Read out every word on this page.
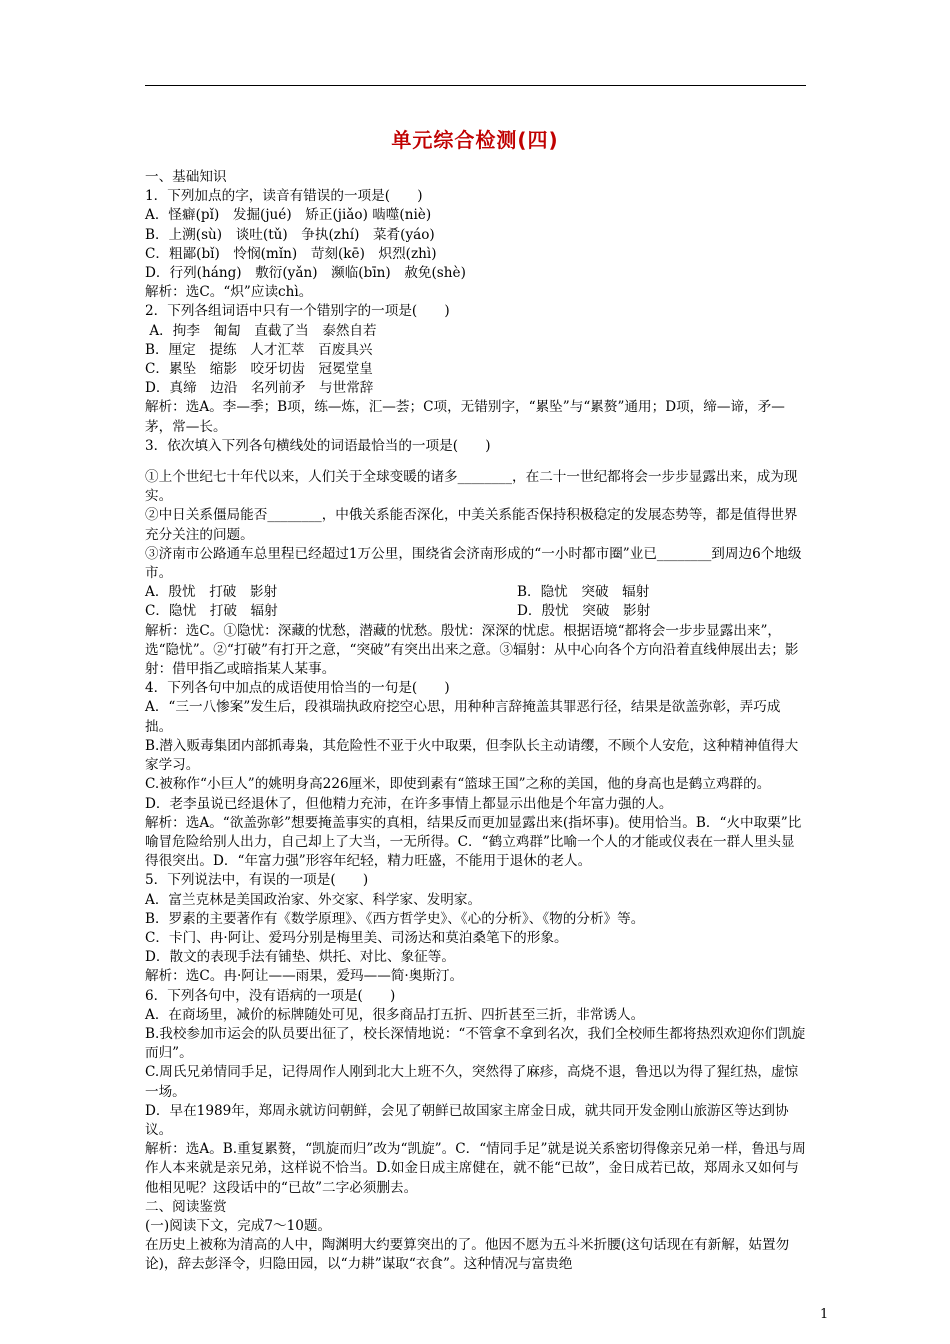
单元综合检测(四)

一、基础知识

1．下列加点的字，读音有错误的一项是(　　)

A．怪癖(pǐ)　发掘(jué)　矫正(jiǎo) 啮噬(niè)

B．上溯(sù)　谈吐(tǔ)　争执(zhí)　菜肴(yáo)

C．粗鄙(bǐ)　怜悯(mǐn)　苛刻(kē)　炽烈(zhì)

D．行列(háng)　敷衍(yǎn)　濒临(bīn)　赦免(shè)

解析：选C。“炽”应读chì。

2．下列各组词语中只有一个错别字的一项是(　　)

A．拘李　匍匐　直截了当　泰然自若

B．厘定　提练　人才汇萃　百废具兴

C．累坠　缩影　咬牙切齿　冠冕堂皇

D．真缔　边沿　名列前矛　与世常辞

解析：选A。李—季；B项，练—炼，汇—荟；C项，无错别字，“累坠”与“累赘”通用；D项，缔—谛，矛—茅，常—长。

3．依次填入下列各句横线处的词语最恰当的一项是(　　)

①上个世纪七十年代以来，人们关于全球变暖的诸多________，在二十一世纪都将会一步步显露出来，成为现实。

②中日关系僵局能否________，中俄关系能否深化，中美关系能否保持积极稳定的发展态势等，都是值得世界充分关注的问题。

③济南市公路通车总里程已经超过1万公里，围绕省会济南形成的“一小时都市圈”业已________到周边6个地级市。

A．殷忧　打破　影射	B．隐忧　突破　辐射
C．隐忧　打破　辐射	D．殷忧　突破　影射

解析：选C。①隐忧：深藏的忧愁，潜藏的忧愁。殷忧：深深的忧虑。根据语境“都将会一步步显露出来”，选“隐忧”。②“打破”有打开之意，“突破”有突出出来之意。③辐射：从中心向各个方向沿着直线伸展出去；影射：借甲指乙或暗指某人某事。

4．下列各句中加点的成语使用恰当的一句是(　　)

A．“三一八惨案”发生后，段祺瑞执政府挖空心思，用种种言辞掩盖其罪恶行径，结果是欲盖弥彰，弄巧成拙。

B.潜入贩毒集团内部抓毒枭，其危险性不亚于火中取栗，但李队长主动请缨，不顾个人安危，这种精神值得大家学习。

C.被称作“小巨人”的姚明身高226厘米，即使到素有“篮球王国”之称的美国，他的身高也是鹤立鸡群的。

D．老李虽说已经退休了，但他精力充沛，在许多事情上都显示出他是个年富力强的人。

解析：选A。“欲盖弥彰”想要掩盖事实的真相，结果反而更加显露出来(指坏事)。使用恰当。B．“火中取栗”比喻冒危险给别人出力，自己却上了大当，一无所得。C．“鹤立鸡群”比喻一个人的才能或仪表在一群人里头显得很突出。D．“年富力强”形容年纪轻，精力旺盛，不能用于退休的老人。

5．下列说法中，有误的一项是(　　)

A．富兰克林是美国政治家、外交家、科学家、发明家。

B．罗素的主要著作有《数学原理》、《西方哲学史》、《心的分析》、《物的分析》等。

C．卡门、冉·阿让、爱玛分别是梅里美、司汤达和莫泊桑笔下的形象。

D．散文的表现手法有铺垫、烘托、对比、象征等。

解析：选C。冉·阿让——雨果，爱玛——简·奥斯汀。

6．下列各句中，没有语病的一项是(　　)

A．在商场里，减价的标牌随处可见，很多商品打五折、四折甚至三折，非常诱人。

B.我校参加市运会的队员要出征了，校长深情地说：“不管拿不拿到名次，我们全校师生都将热烈欢迎你们凯旋而归”。

C.周氏兄弟情同手足，记得周作人刚到北大上班不久，突然得了麻疹，高烧不退，鲁迅以为得了猩红热，虚惊一场。

D．早在1989年，郑周永就访问朝鲜，会见了朝鲜已故国家主席金日成，就共同开发金刚山旅游区等达到协议。

解析：选A。B.重复累赘，“凯旋而归”改为“凯旋”。C．“情同手足”就是说关系密切得像亲兄弟一样，鲁迅与周作人本来就是亲兄弟，这样说不恰当。D.如金日成主席健在，就不能“已故”，金日成若已故，郑周永又如何与他相见呢？这段话中的“已故”二字必须删去。

二、阅读鉴赏

(一)阅读下文，完成7～10题。

在历史上被称为清高的人中，陶渊明大约要算突出的了。他因不愿为五斗米折腰(这句话现在有新解，姑置勿论)，辞去彭泽令，归隐田园，以“力耕”谋取“衣食”。这种情况与富贵绝

1
